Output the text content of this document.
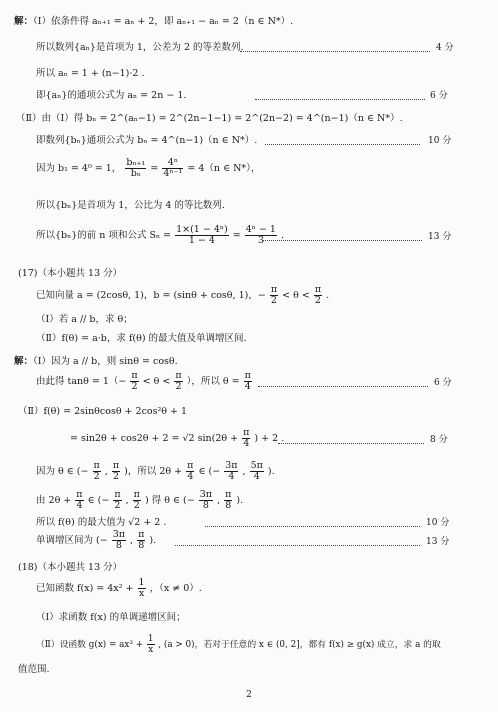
解：（Ⅰ）依条件得 aₙ₊₁ = aₙ + 2，即 aₙ₊₁ − aₙ = 2（n ∈ N*）.
所以数列{aₙ}是首项为 1，公差为 2 的等差数列.	4 分
所以 aₙ = 1 + (n−1)·2 .
即{aₙ}的通项公式为 aₙ = 2n − 1.	6 分
（Ⅱ）由（Ⅰ）得 bₙ = 2^(aₙ−1) = 2^(2n−1−1) = 2^(2n−2) = 4^(n−1)（n ∈ N*）.
即数列{bₙ}通项公式为 bₙ = 4^(n−1)（n ∈ N*）.	10 分
因为 b₁ = 4⁰ = 1， $\frac{\text{bₙ₊₁}}{\text{bₙ}} = \frac{\text{4ⁿ}}{\text{4ⁿ⁻¹}} = 4(n$ ∈ N*），
所以{bₙ}是首项为 1，公比为 4 的等比数列.
所以{bₙ}的前 n 项和公式 $S_n = \frac{\text{1×(1 − 4ⁿ)}}{1 - 4} = \frac{\text{4ⁿ − 1}}{3}$ .	13 分
(17)（本小题共 13 分）
已知向量 a = (2cosθ, 1)，b = (sinθ + cosθ, 1)，− $\frac{\pi}{2} < \theta < \frac{\pi}{2}$ .
（Ⅰ）若 a // b，求 θ；
（Ⅱ）f(θ) = a·b，求 f(θ) 的最大值及单调增区间.
解：（Ⅰ）因为 a // b，则 sinθ = cosθ.
由此得 $\tan\theta = 1(- \frac{\pi}{2} < \theta < \frac{\pi}{2}$ ），所以 $\theta = \frac{\pi}{4}$	6 分
（Ⅱ）f(θ) = 2sinθcosθ + 2cos²θ + 1
= sin2θ + cos2θ + 2 = √2 $\sin(2\theta + \frac{\pi}{4}$ ) + 2 .	8 分
因为 θ ∈ (− $\frac{\pi}{2}$ , $\frac{\pi}{2}$ )，所以 $2\theta + \frac{\pi}{4}$ ∈ (− $\frac{3\pi}{4}$ , $\frac{5\pi}{4}$ ).
由 $2\theta + \frac{\pi}{4}$ ∈ (− $\frac{\pi}{2}$ , $\frac{\pi}{2}$ ) 得 θ ∈ (− $\frac{3\pi}{8}$ , $\frac{\pi}{8}$ ).
所以 f(θ) 的最大值为 √2 + 2 .	10 分
单调增区间为 (− $\frac{3\pi}{8}$ , $\frac{\pi}{8}$ ).	13 分
(18)（本小题共 13 分）
已知函数 $f(x) = 4x^2 + \frac{1}{x}$ ，（x ≠ 0）.
（Ⅰ）求函数 f(x) 的单调递增区间；
（Ⅱ）设函数 $g(x) = ax^3 + \frac{1}{x}$ , (a > 0)，若对于任意的 x ∈ (0, 2]，都有 f(x) ≥ g(x) 成立，求 a 的取
值范围.
2
